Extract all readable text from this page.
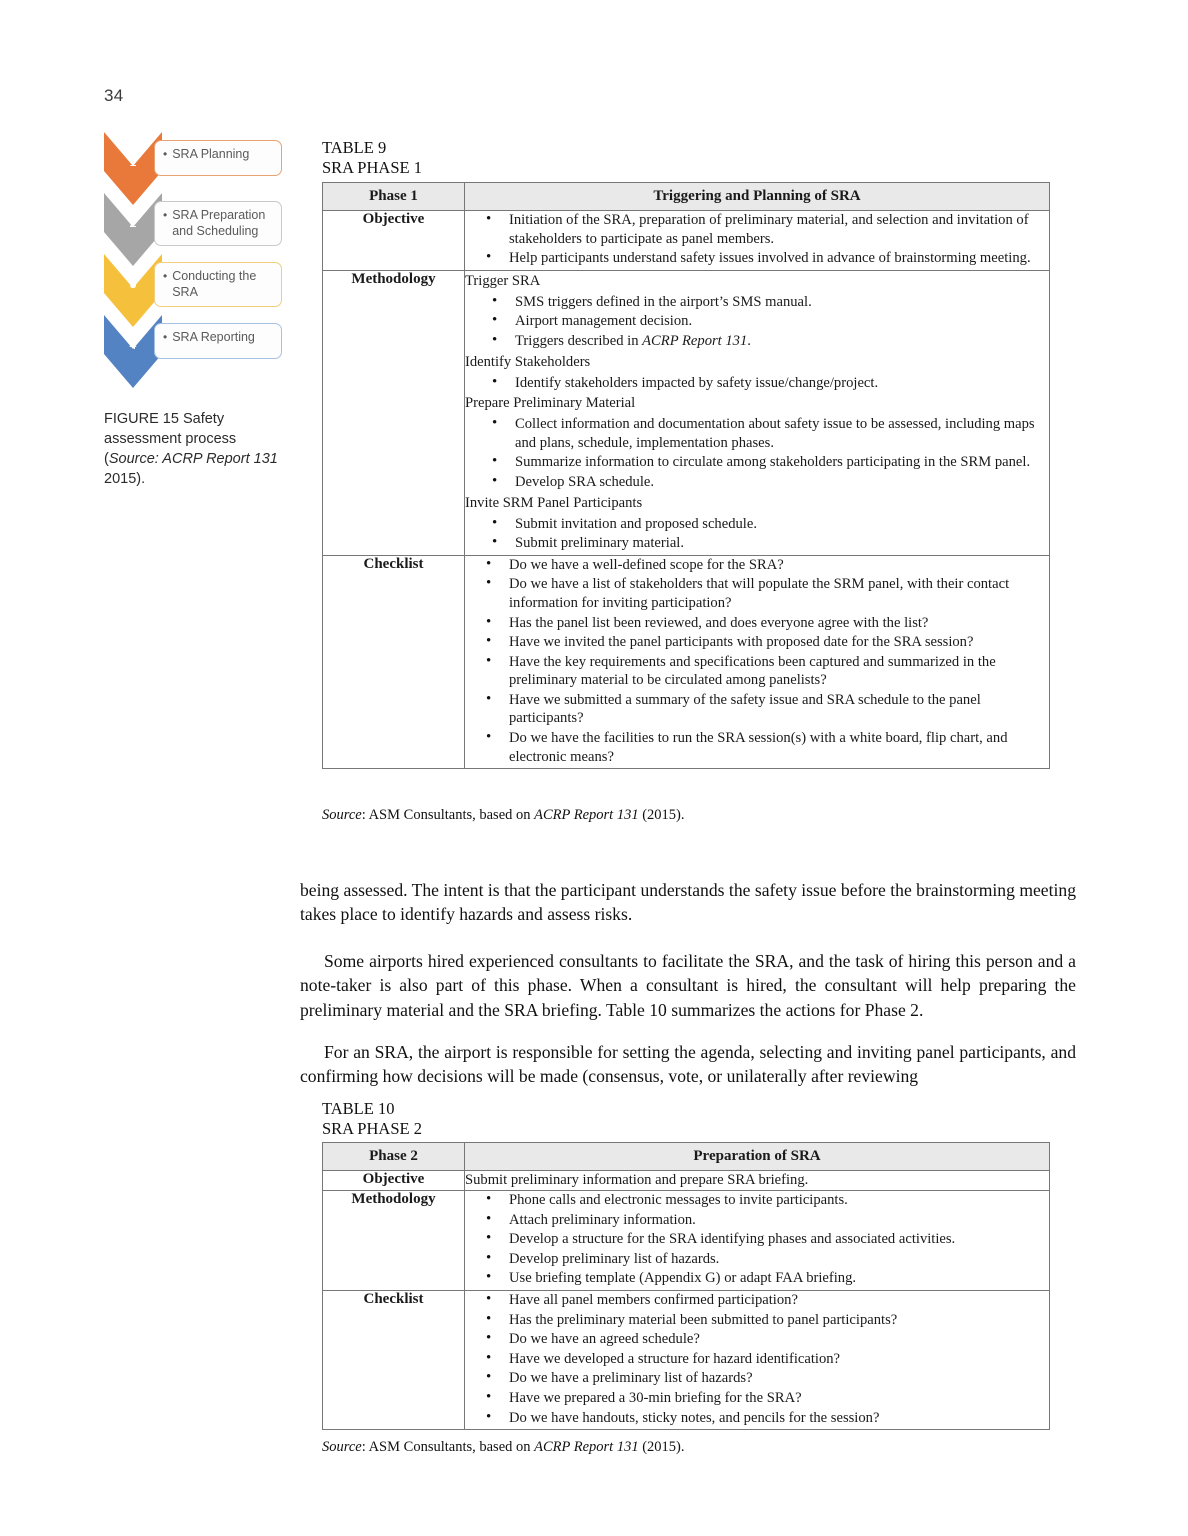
34
1	• SRA Planning
2	• SRA Preparation and Scheduling
3	• Conducting the SRA
4	• SRA Reporting
FIGURE 15 Safety assessment process (Source: ACRP Report 131 2015).
TABLE 9
SRA PHASE 1
Phase 1	Triggering and Planning of SRA
Objective	
•Initiation of the SRA, preparation of preliminary material, and selection and invitation of stakeholders to participate as panel members.
• Help participants understand safety issues involved in advance of brainstorming meeting.

Methodology	Trigger SRA
• SMS triggers defined in the airport’s SMS manual.
• Airport management decision.
• Triggers described in ACRP Report 131.
Identify Stakeholders
• Identify stakeholders impacted by safety issue/change/project.
Prepare Preliminary Material
• Collect information and documentation about safety issue to be assessed, including maps and plans, schedule, implementation phases.
• Summarize information to circulate among stakeholders participating in the SRM panel.
• Develop SRA schedule.
Invite SRM Panel Participants
• Submit invitation and proposed schedule.
• Submit preliminary material.

Checklist	
•Do we have a well-defined scope for the SRA?
• Do we have a list of stakeholders that will populate the SRM panel, with their contact information for inviting participation?
• Has the panel list been reviewed, and does everyone agree with the list?
• Have we invited the panel participants with proposed date for the SRA session?
• Have the key requirements and specifications been captured and summarized in the preliminary material to be circulated among panelists?
• Have we submitted a summary of the safety issue and SRA schedule to the panel participants?
• Do we have the facilities to run the SRA session(s) with a white board, flip chart, and electronic means?
Source: ASM Consultants, based on ACRP Report 131 (2015).

being assessed. The intent is that the participant understands the safety issue before the brainstorming meeting takes place to identify hazards and assess risks.

Some airports hired experienced consultants to facilitate the SRA, and the task of hiring this person and a note-taker is also part of this phase. When a consultant is hired, the consultant will help preparing the preliminary material and the SRA briefing. Table 10 summarizes the actions for Phase 2.

For an SRA, the airport is responsible for setting the agenda, selecting and inviting panel participants, and confirming how decisions will be made (consensus, vote, or unilaterally after reviewing

TABLE 10
SRA PHASE 2
Phase 2	Preparation of SRA
Objective	Submit preliminary information and prepare SRA briefing.
Methodology	
•Phone calls and electronic messages to invite participants.
• Attach preliminary information.
• Develop a structure for the SRA identifying phases and associated activities.
• Develop preliminary list of hazards.
• Use briefing template (Appendix G) or adapt FAA briefing.

Checklist	
•Have all panel members confirmed participation?
• Has the preliminary material been submitted to panel participants?
• Do we have an agreed schedule?
• Have we developed a structure for hazard identification?
• Do we have a preliminary list of hazards?
• Have we prepared a 30-min briefing for the SRA?
• Do we have handouts, sticky notes, and pencils for the session?
Source: ASM Consultants, based on ACRP Report 131 (2015).
